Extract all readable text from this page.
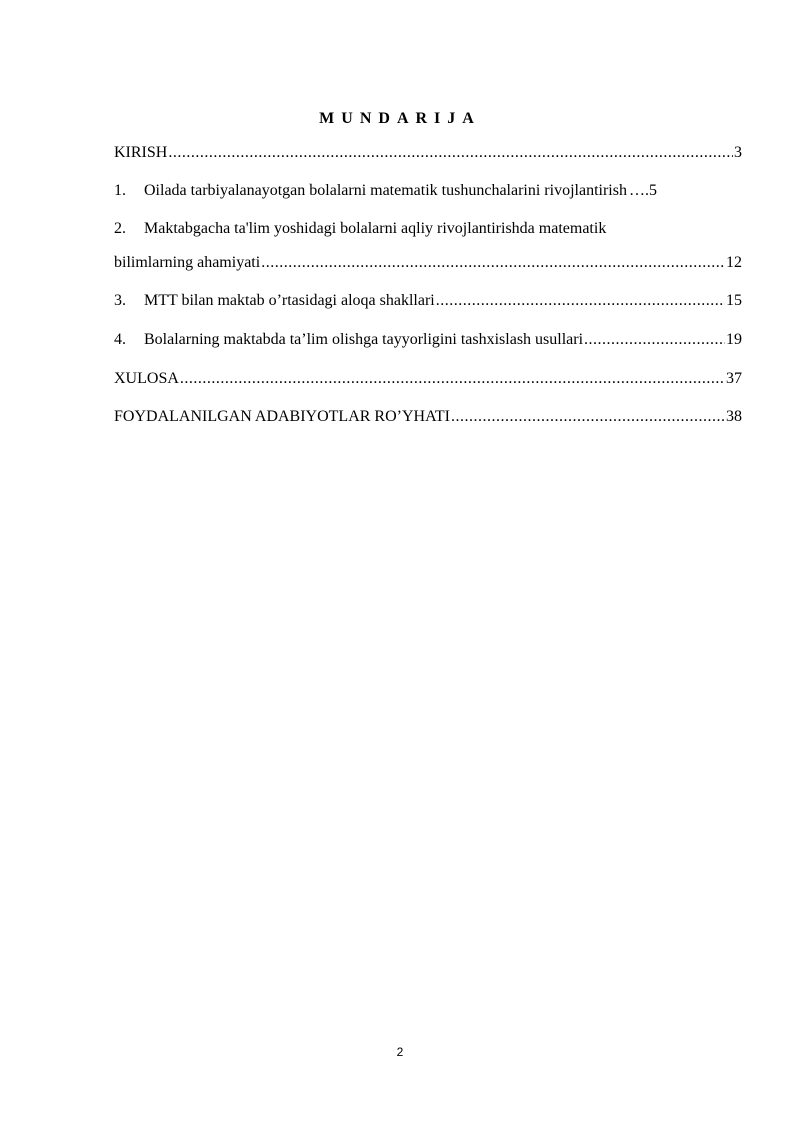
MUNDARIJA
KIRISH .....	3
1.	Oilada tarbiyalanayotgan bolalarni matematik tushunchalarini rivojlantirish …. 5
2.	Maktabgacha ta'lim yoshidagi bolalarni aqliy rivojlantirishda matematik
bilimlarning ahamiyati .....	12
3.	MTT bilan maktab o’rtasidagi aloqa shakllari .....	15
4.	Bolalarning maktabda ta’lim olishga tayyorligini tashxislash usullari .....	19
XULOSA .....	37
FOYDALANILGAN ADABIYOTLAR RO’YHATI .....	38
2
